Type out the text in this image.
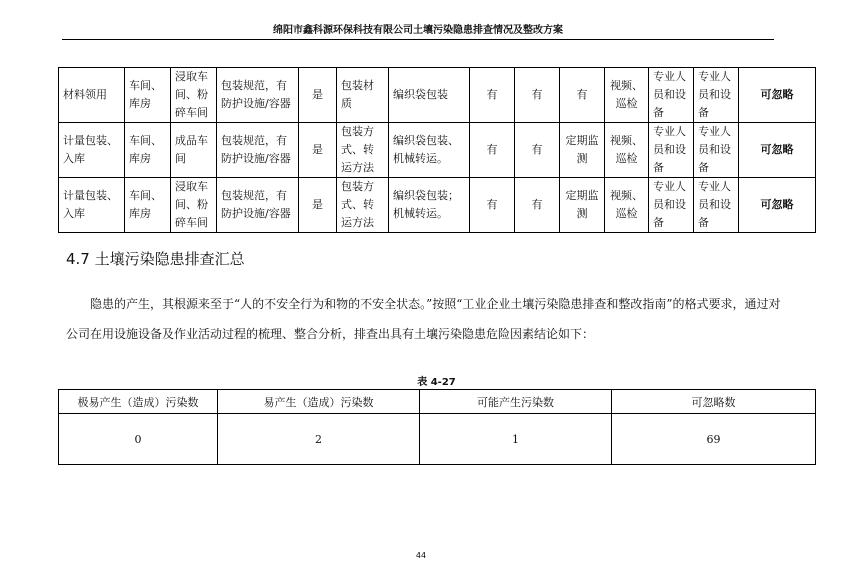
绵阳市鑫科源环保科技有限公司土壤污染隐患排查情况及整改方案
材料领用	车间、库房	浸取车间、粉碎车间	包装规范，有防护设施/容器	是	包装材质	编织袋包装	有	有	有	视频、巡检	专业人员和设备	专业人员和设备	可忽略
计量包装、入库	车间、库房	成品车间	包装规范，有防护设施/容器	是	包装方式、转运方法	编织袋包装、机械转运。	有	有	定期监测	视频、巡检	专业人员和设备	专业人员和设备	可忽略
计量包装、入库	车间、库房	浸取车间、粉碎车间	包装规范，有防护设施/容器	是	包装方式、转运方法	编织袋包装；机械转运。	有	有	定期监测	视频、巡检	专业人员和设备	专业人员和设备	可忽略
4.7 土壤污染隐患排查汇总
隐患的产生，其根源来至于“人的不安全行为和物的不安全状态。”按照“工业企业土壤污染隐患排查和整改指南”的格式要求，通过对公司在用设施设备及作业活动过程的梳理、整合分析，排查出具有土壤污染隐患危险因素结论如下：
表 4-27
极易产生（造成）污染数	易产生（造成）污染数	可能产生污染数	可忽略数
0	2	1	69
44
